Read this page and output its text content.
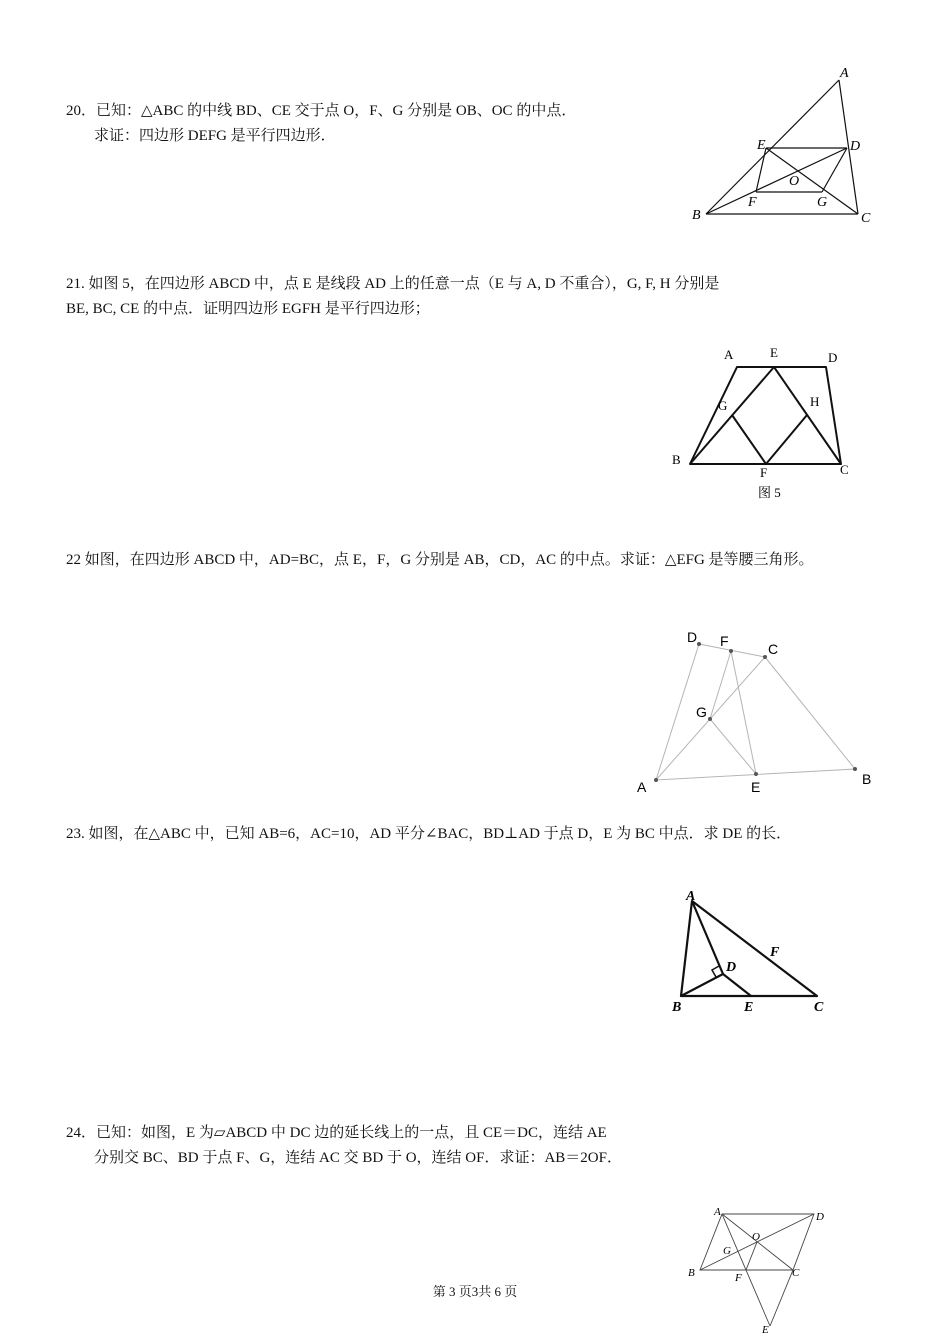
20．已知：△ABC 的中线 BD、CE 交于点 O，F、G 分别是 OB、OC 的中点．
求证：四边形 DEFG 是平行四边形．
A
B	C
D
E
F	G
O
21. 如图 5，在四边形 ABCD 中，点 E 是线段 AD 上的任意一点（E 与 A, D 不重合），G, F, H 分别是
BE, BC, CE 的中点．证明四边形 EGFH 是平行四边形；
A	E	D
B
C
F
G	H
图 5
22 如图，在四边形 ABCD 中，AD=BC，点 E，F，G 分别是 AB，CD，AC 的中点。求证：△EFG 是等腰三角形。
A	B
C
D
E
F
G
23. 如图，在△ABC 中，已知 AB=6，AC=10，AD 平分∠BAC，BD⊥AD 于点 D，E 为 BC 中点．求 DE 的长．
A
B	C
D
E
F
24．已知：如图，E 为▱ABCD 中 DC 边的延长线上的一点，且 CE＝DC，连结 AE
分别交 BC、BD 于点 F、G，连结 AC 交 BD 于 O，连结 OF．求证：AB＝2OF．
A
B	C
D
E
F
G
O
第 3 页3共 6 页
